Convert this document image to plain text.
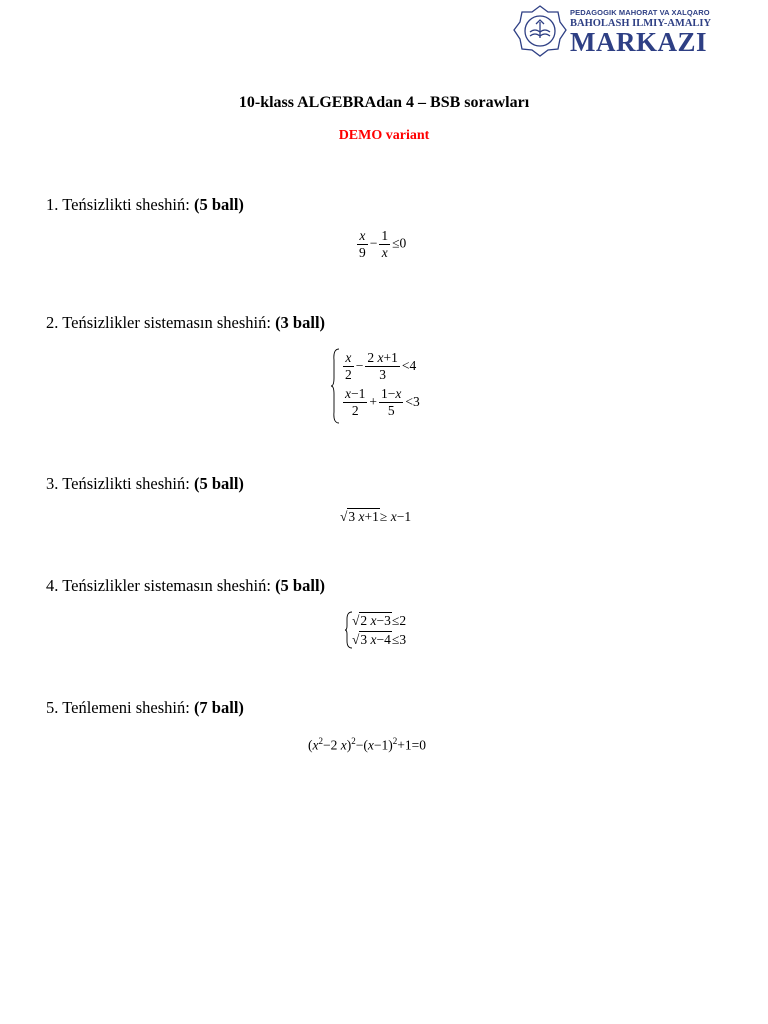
PEDAGOGIK MAHORAT VA XALQARO
BAHOLASH ILMIY-AMALIY
MARKAZI
10-klass ALGEBRAdan 4 – BSB sorawları
DEMO variant
1. Teńsizlikti sheshiń: (5 ball)
$\frac{x}{9} - \frac{1}{x} \le 0$
2. Teńsizlikler sistemasın sheshiń: (3 ball)
$\frac{x}{2} - \frac{2 x+1}{3} <4$
$\frac{x-1}{2} + \frac{1-x}{5} <3$
3. Teńsizlikti sheshiń: (5 ball)
√3 x+1≥ x−1
4. Teńsizlikler sistemasın sheshiń: (5 ball)
√2 x−3≤2
√3 x−4≤3
5. Teńlemeni sheshiń: (7 ball)
($x^2-2$ $x)^2-(x-1)^2+1=0$
